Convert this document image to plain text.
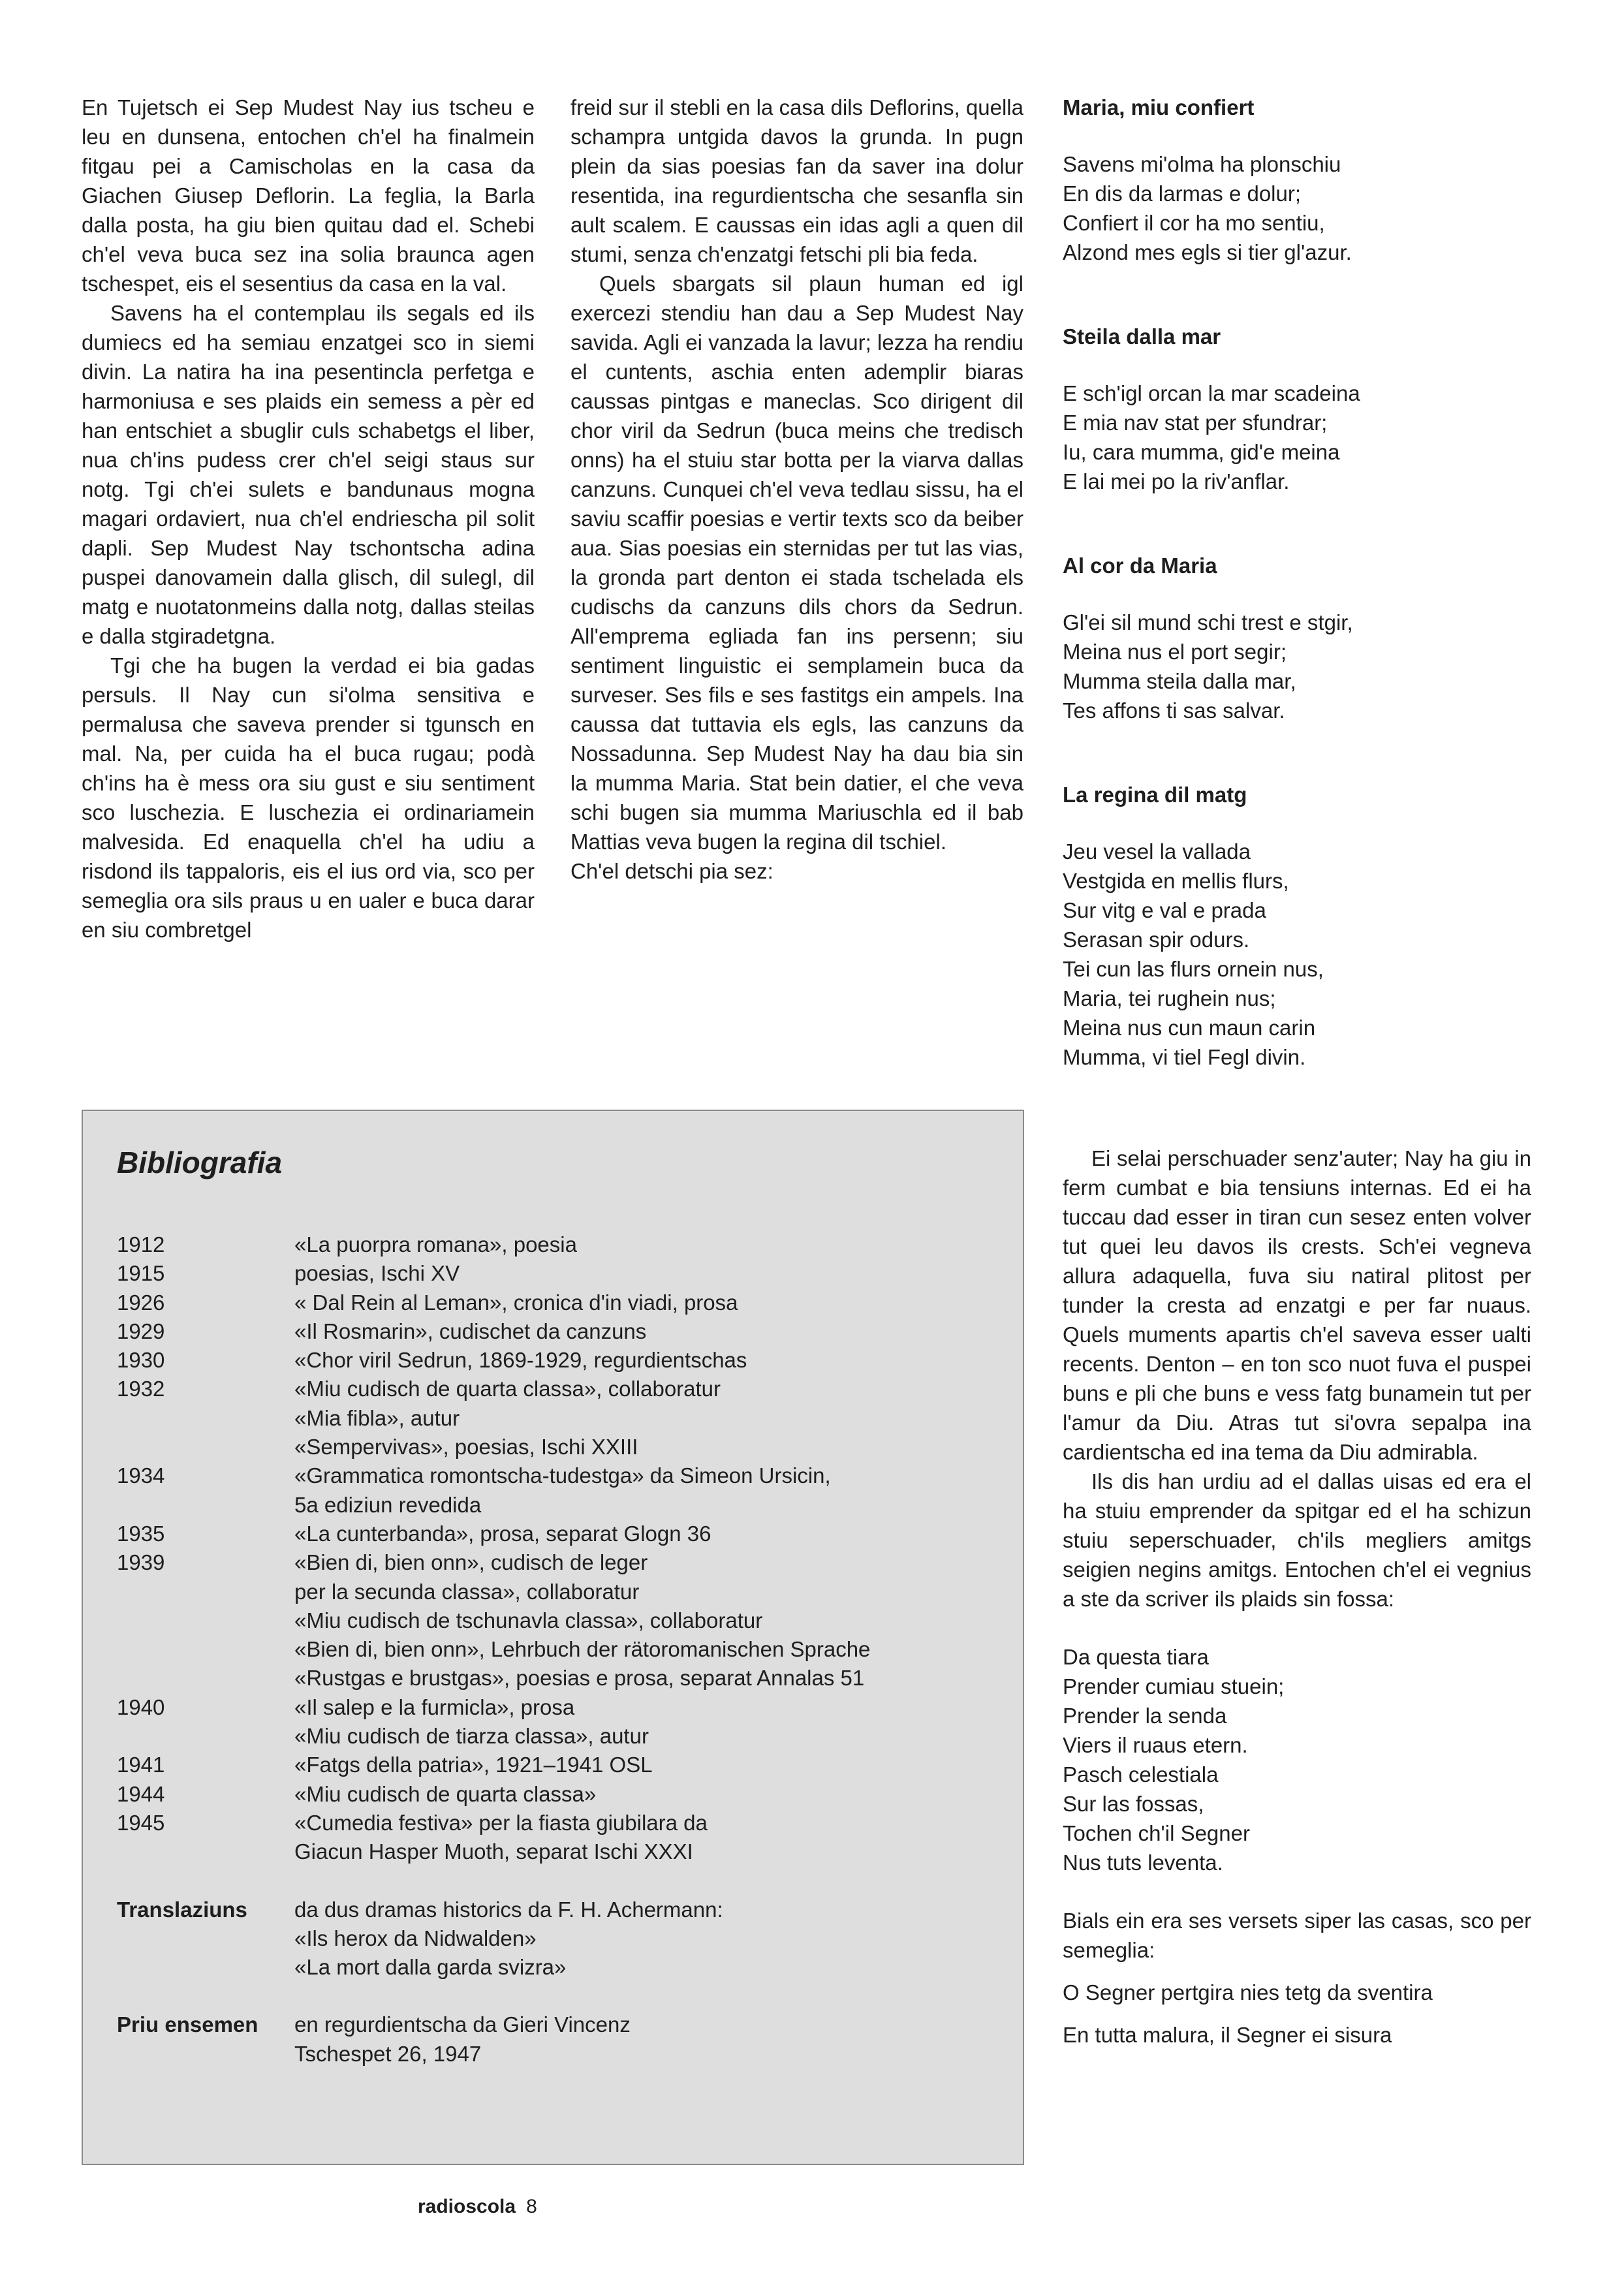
En Tujetsch ei Sep Mudest Nay ius tscheu e leu en dunsena, entochen ch'el ha finalmein fitgau pei a Camischolas en la casa da Giachen Giusep Deflorin. La feglia, la Barla dalla posta, ha giu bien quitau dad el. Schebi ch'el veva buca sez ina solia braunca agen tschespet, eis el sesentius da casa en la val.

Savens ha el contemplau ils segals ed ils dumiecs ed ha semiau enzatgei sco in siemi divin. La natira ha ina pesentincla perfetga e harmoniusa e ses plaids ein semess a pèr ed han entschiet a sbuglir culs schabetgs el liber, nua ch'ins pudess crer ch'el seigi staus sur notg. Tgi ch'ei sulets e bandunaus mogna magari ordaviert, nua ch'el endriescha pil solit dapli. Sep Mudest Nay tschontscha adina puspei danovamein dalla glisch, dil sulegl, dil matg e nuotatonmeins dalla notg, dallas steilas e dalla stgiradetgna.

Tgi che ha bugen la verdad ei bia gadas persuls. Il Nay cun si'olma sensitiva e permalusa che saveva prender si tgunsch en mal. Na, per cuida ha el buca rugau; podà ch'ins ha è mess ora siu gust e siu sentiment sco luschezia. E luschezia ei ordinariamein malvesida. Ed enaquella ch'el ha udiu a risdond ils tappaloris, eis el ius ord via, sco per semeglia ora sils praus u en ualer e buca darar en siu combretgel

freid sur il stebli en la casa dils Deflorins, quella schampra untgida davos la grunda. In pugn plein da sias poesias fan da saver ina dolur resentida, ina regurdientscha che sesanfla sin ault scalem. E caussas ein idas agli a quen dil stumi, senza ch'enzatgi fetschi pli bia feda.

Quels sbargats sil plaun human ed igl exercezi stendiu han dau a Sep Mudest Nay savida. Agli ei vanzada la lavur; lezza ha rendiu el cuntents, aschia enten ademplir biaras caussas pintgas e maneclas. Sco dirigent dil chor viril da Sedrun (buca meins che tredisch onns) ha el stuiu star botta per la viarva dallas canzuns. Cunquei ch'el veva tedlau sissu, ha el saviu scaffir poesias e vertir texts sco da beiber aua. Sias poesias ein sternidas per tut las vias, la gronda part denton ei stada tschelada els cudischs da canzuns dils chors da Sedrun. All'emprema egliada fan ins persenn; siu sentiment linguistic ei semplamein buca da surveser. Ses fils e ses fastitgs ein ampels. Ina caussa dat tuttavia els egls, las canzuns da Nossadunna. Sep Mudest Nay ha dau bia sin la mumma Maria. Stat bein datier, el che veva schi bugen sia mumma Mariuschla ed il bab Mattias veva bugen la regina dil tschiel.

Ch'el detschi pia sez:

Maria, miu confiert

Savens mi'olma ha plonschiu
En dis da larmas e dolur;
Confiert il cor ha mo sentiu,
Alzond mes egls si tier gl'azur.

Steila dalla mar

E sch'igl orcan la mar scadeina
E mia nav stat per sfundrar;
Iu, cara mumma, gid'e meina
E lai mei po la riv'anflar.

Al cor da Maria

Gl'ei sil mund schi trest e stgir,
Meina nus el port segir;
Mumma steila dalla mar,
Tes affons ti sas salvar.

La regina dil matg

Jeu vesel la vallada
Vestgida en mellis flurs,
Sur vitg e val e prada
Serasan spir odurs.
Tei cun las flurs ornein nus,
Maria, tei rughein nus;
Meina nus cun maun carin
Mumma, vi tiel Fegl divin.
Bibliografia
1912	«La puorpra romana», poesia
1915	poesias, Ischi XV
1926	« Dal Rein al Leman», cronica d'in viadi, prosa
1929	«Il Rosmarin», cudischet da canzuns
1930	«Chor viril Sedrun, 1869-1929, regurdientschas
1932	«Miu cudisch de quarta classa», collaboratur
«Mia fibla», autur
«Sempervivas», poesias, Ischi XXIII
1934	«Grammatica romontscha-tudestga» da Simeon Ursicin,
5a ediziun revedida
1935	«La cunterbanda», prosa, separat Glogn 36
1939	«Bien di, bien onn», cudisch de leger
per la secunda classa», collaboratur
«Miu cudisch de tschunavla classa», collaboratur
«Bien di, bien onn», Lehrbuch der rätoromanischen Sprache
«Rustgas e brustgas», poesias e prosa, separat Annalas 51
1940	«Il salep e la furmicla», prosa
«Miu cudisch de tiarza classa», autur
1941	«Fatgs della patria», 1921–1941 OSL
1944	«Miu cudisch de quarta classa»
1945	«Cumedia festiva» per la fiasta giubilara da
Giacun Hasper Muoth, separat Ischi XXXI
Translaziuns	da dus dramas historics da F. H. Achermann:
«Ils herox da Nidwalden»
«La mort dalla garda svizra»
Priu ensemen	en regurdientscha da Gieri Vincenz
Tschespet 26, 1947

Ei selai perschuader senz'auter; Nay ha giu in ferm cumbat e bia tensiuns internas. Ed ei ha tuccau dad esser in tiran cun sesez enten volver tut quei leu davos ils crests. Sch'ei vegneva allura adaquella, fuva siu natiral plitost per tunder la cresta ad enzatgi e per far nuaus. Quels muments apartis ch'el saveva esser ualti recents. Denton – en ton sco nuot fuva el puspei buns e pli che buns e vess fatg bunamein tut per l'amur da Diu. Atras tut si'ovra sepalpa ina cardientscha ed ina tema da Diu admirabla.

Ils dis han urdiu ad el dallas uisas ed era el ha stuiu emprender da spitgar ed el ha schizun stuiu seperschuader, ch'ils megliers amitgs seigien negins amitgs. Entochen ch'el ei vegnius a ste da scriver ils plaids sin fossa:

Da questa tiara
Prender cumiau stuein;
Prender la senda
Viers il ruaus etern.
Pasch celestiala
Sur las fossas,
Tochen ch'il Segner
Nus tuts leventa.

Bials ein era ses versets siper las casas, sco per semeglia:

O Segner pertgira nies tetg da sventira

En tutta malura, il Segner ei sisura

radioscola 8
